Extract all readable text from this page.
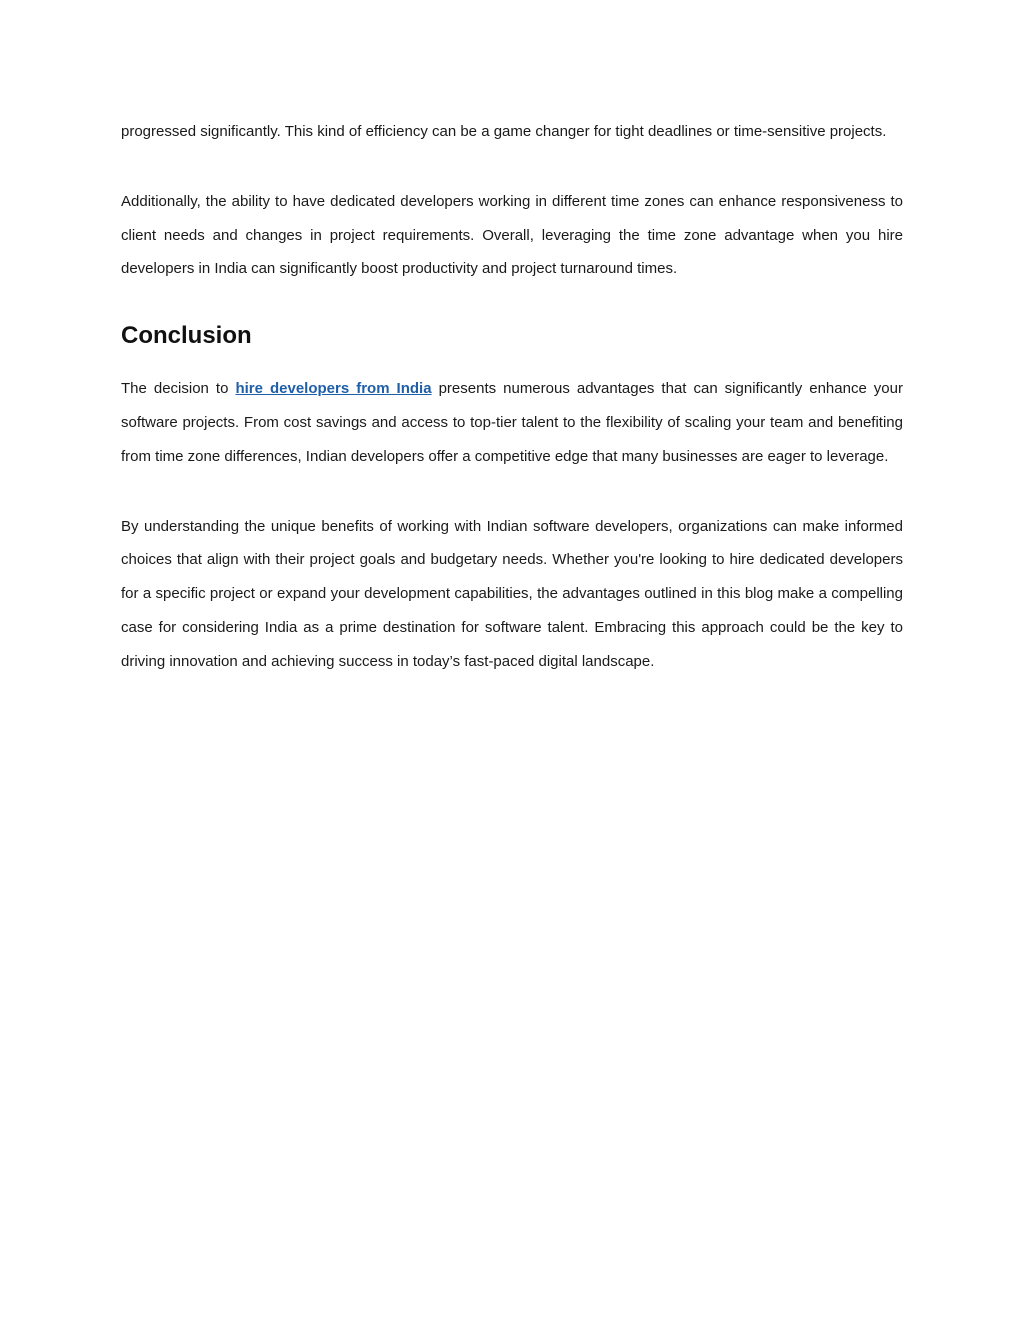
progressed significantly. This kind of efficiency can be a game changer for tight deadlines or time-sensitive projects.

Additionally, the ability to have dedicated developers working in different time zones can enhance responsiveness to client needs and changes in project requirements. Overall, leveraging the time zone advantage when you hire developers in India can significantly boost productivity and project turnaround times.

Conclusion

The decision to hire developers from India presents numerous advantages that can significantly enhance your software projects. From cost savings and access to top-tier talent to the flexibility of scaling your team and benefiting from time zone differences, Indian developers offer a competitive edge that many businesses are eager to leverage.

By understanding the unique benefits of working with Indian software developers, organizations can make informed choices that align with their project goals and budgetary needs. Whether you're looking to hire dedicated developers for a specific project or expand your development capabilities, the advantages outlined in this blog make a compelling case for considering India as a prime destination for software talent. Embracing this approach could be the key to driving innovation and achieving success in today’s fast-paced digital landscape.
